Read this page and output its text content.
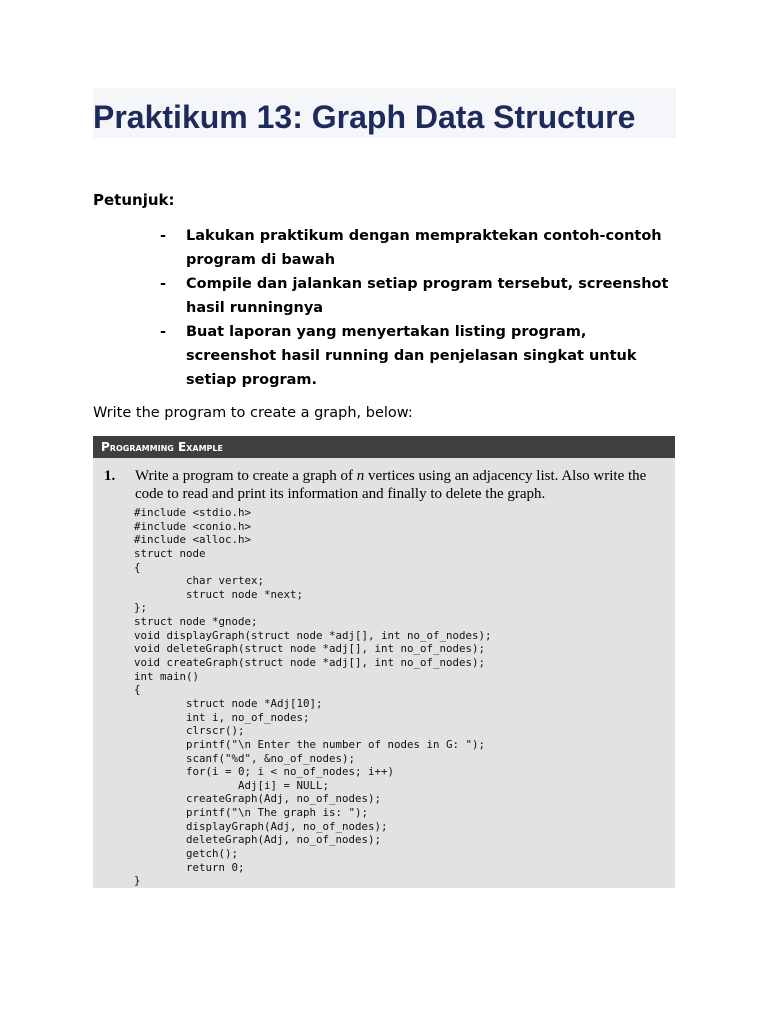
Praktikum 13: Graph Data Structure
Petunjuk:
- Lakukan praktikum dengan mempraktekan contoh-contoh program di bawah
- Compile dan jalankan setiap program tersebut, screenshot hasil runningnya
- Buat laporan yang menyertakan listing program, screenshot hasil running dan penjelasan singkat untuk setiap program.
Write the program to create a graph, below:
Programming Example
1. Write a program to create a graph of n vertices using an adjacency list. Also write the code to read and print its information and finally to delete the graph.
#include <stdio.h>
#include <conio.h>
#include <alloc.h>
struct node
{
char vertex;
struct node *next;
};
struct node *gnode;
void displayGraph(struct node *adj[], int no_of_nodes);
void deleteGraph(struct node *adj[], int no_of_nodes);
void createGraph(struct node *adj[], int no_of_nodes);
int main()
{
struct node *Adj[10];
int i, no_of_nodes;
clrscr();
printf("\n Enter the number of nodes in G: ");
scanf("%d", &no_of_nodes);
for(i = 0; i < no_of_nodes; i++)
Adj[i] = NULL;
createGraph(Adj, no_of_nodes);
printf("\n The graph is: ");
displayGraph(Adj, no_of_nodes);
deleteGraph(Adj, no_of_nodes);
getch();
return 0;
}
